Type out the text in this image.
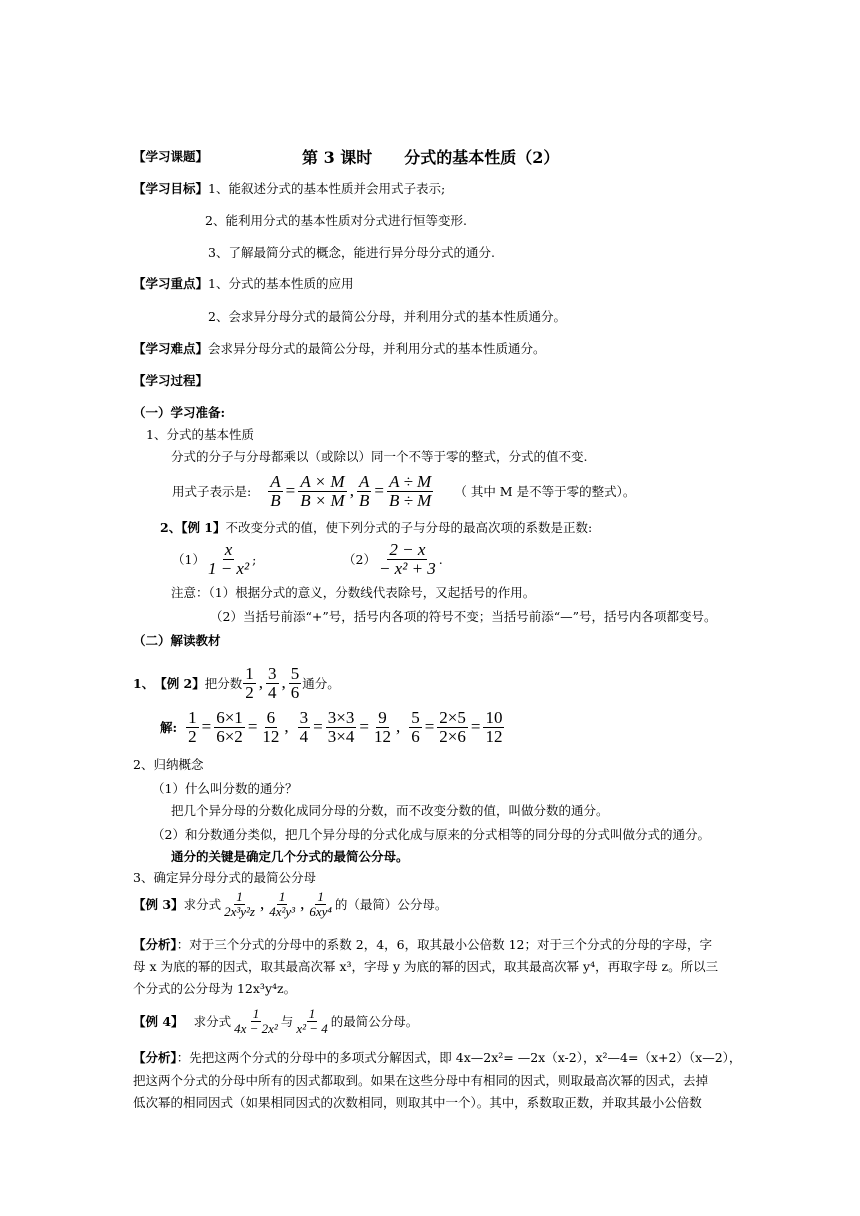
【学习课题】	第 3 课时　　分式的基本性质（2）
【学习目标】1、能叙述分式的基本性质并会用式子表示;
2、能利用分式的基本性质对分式进行恒等变形.
3、了解最简分式的概念，能进行异分母分式的通分.
【学习重点】1、分式的基本性质的应用
2、会求异分母分式的最简公分母，并利用分式的基本性质通分。
【学习难点】会求异分母分式的最简公分母，并利用分式的基本性质通分。
【学习过程】
（一）学习准备:
1、分式的基本性质
分式的分子与分母都乘以（或除以）同一个不等于零的整式，分式的值不变.
用式子表示是: $\frac{A}{B} = \frac{A \times M}{B \times M}$ , $\frac{A}{B} = \frac{A \div M}{B \div M}$ （ 其中 M 是不等于零的整式）。
2、【例 1】不改变分式的值，使下列分式的子与分母的最高次项的系数是正数:
$(1) \frac{x}{\text{1 − x²}}$ ;	$(2) \frac{2 - x}{\text{− x² + 3}}$ .
注意：（1）根据分式的意义，分数线代表除号，又起括号的作用。
（2）当括号前添“+”号，括号内各项的符号不变；当括号前添“—”号，括号内各项都变号。
（二）解读教材
1、 【例 2】 把分数 $\frac{1}{2}$ , $\frac{3}{4}$ , $\frac{5}{6}$ 通分。
解: $\frac{1}{2} = \frac{6\times 1}{6\times 2} = \frac{6}{12}$ , $\frac{3}{4} = \frac{3\times 3}{3\times 4} = \frac{9}{12}$ , $\frac{5}{6} = \frac{2\times 5}{2\times 6} = \frac{10}{12}$
2、归纳概念
（1）什么叫分数的通分？
把几个异分母的分数化成同分母的分数，而不改变分数的值，叫做分数的通分。
（2）和分数通分类似，把几个异分母的分式化成与原来的分式相等的同分母的分式叫做分式的通分。
通分的关键是确定几个分式的最简公分母。
3、确定异分母分式的最简公分母
【例 3】 求分式 $\frac{1}{\text{2x³y²z}}$ , $\frac{1}{\text{4x²y³}}$ , $\frac{1}{\text{6xy⁴}}$ 的（最简）公分母。
【分析】：对于三个分式的分母中的系数 2，4，6，取其最小公倍数 12；对于三个分式的分母的字母，字
母 x 为底的幂的因式，取其最高次幂 x³，字母 y 为底的幂的因式，取其最高次幂 y⁴，再取字母 z。所以三
个分式的公分母为 12x³y⁴z。
【例 4】 求分式 $\frac{1}{\text{4x − 2x²}}$ 与 $\frac{1}{\text{x² − 4}}$ 的最简公分母。
【分析】：先把这两个分式的分母中的多项式分解因式，即 4x—2x²= —2x（x-2），x²—4=（x+2）（x—2），
把这两个分式的分母中所有的因式都取到。如果在这些分母中有相同的因式，则取最高次幂的因式，去掉
低次幂的相同因式（如果相同因式的次数相同，则取其中一个）。其中，系数取正数，并取其最小公倍数
